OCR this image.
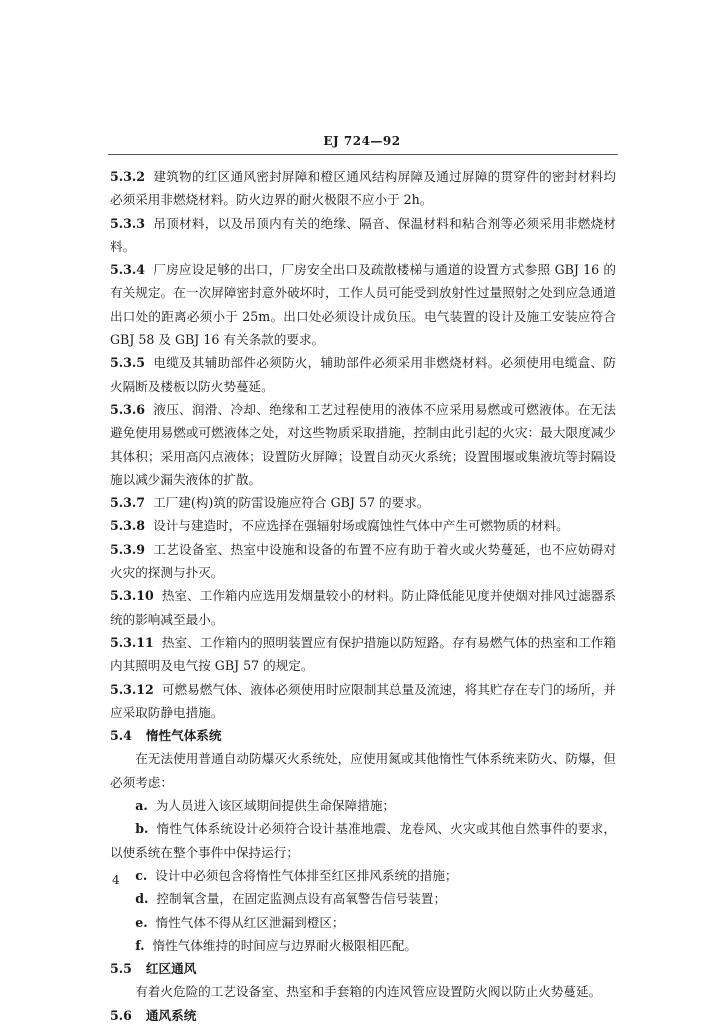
EJ 724—92

5.3.2 建筑物的红区通风密封屏障和橙区通风结构屏障及通过屏障的贯穿件的密封材料均必须采用非燃烧材料。防火边界的耐火极限不应小于 2h。

5.3.3 吊顶材料，以及吊顶内有关的绝缘、隔音、保温材料和粘合剂等必须采用非燃烧材料。

5.3.4 厂房应设足够的出口，厂房安全出口及疏散楼梯与通道的设置方式参照 GBJ 16 的有关规定。在一次屏障密封意外破坏时，工作人员可能受到放射性过量照射之处到应急通道出口处的距离必须小于 25m。出口处必须设计成负压。电气装置的设计及施工安装应符合 GBJ 58 及 GBJ 16 有关条款的要求。

5.3.5 电缆及其辅助部件必须防火，辅助部件必须采用非燃烧材料。必须使用电缆盒、防火隔断及楼板以防火势蔓延。

5.3.6 液压、润滑、冷却、绝缘和工艺过程使用的液体不应采用易燃或可燃液体。在无法避免使用易燃或可燃液体之处，对这些物质采取措施，控制由此引起的火灾：最大限度减少其体积；采用高闪点液体；设置防火屏障；设置自动灭火系统；设置围堰或集液坑等封隔设施以减少漏失液体的扩散。

5.3.7 工厂建(构)筑的防雷设施应符合 GBJ 57 的要求。

5.3.8 设计与建造时，不应选择在强辐射场或腐蚀性气体中产生可燃物质的材料。

5.3.9 工艺设备室、热室中设施和设备的布置不应有助于着火或火势蔓延，也不应妨碍对火灾的探测与扑灭。

5.3.10 热室、工作箱内应选用发烟量较小的材料。防止降低能见度并使烟对排风过滤器系统的影响减至最小。

5.3.11 热室、工作箱内的照明装置应有保护措施以防短路。存有易燃气体的热室和工作箱内其照明及电气按 GBJ 57 的规定。

5.3.12 可燃易燃气体、液体必须使用时应限制其总量及流速，将其贮存在专门的场所，并应采取防静电措施。

5.4 惰性气体系统

在无法使用普通自动防爆灭火系统处，应使用氮或其他惰性气体系统来防火、防爆，但必须考虑：

a. 为人员进入该区域期间提供生命保障措施；

b. 惰性气体系统设计必须符合设计基准地震、龙卷风、火灾或其他自然事件的要求，以使系统在整个事件中保持运行；

c. 设计中必须包含将惰性气体排至红区排风系统的措施；

d. 控制氧含量，在固定监测点设有高氧警告信号装置；

e. 惰性气体不得从红区泄漏到橙区；

f. 惰性气体维持的时间应与边界耐火极限相匹配。

5.5 红区通风

有着火危险的工艺设备室、热室和手套箱的内连风管应设置防火阀以防止火势蔓延。

5.6 通风系统

4
